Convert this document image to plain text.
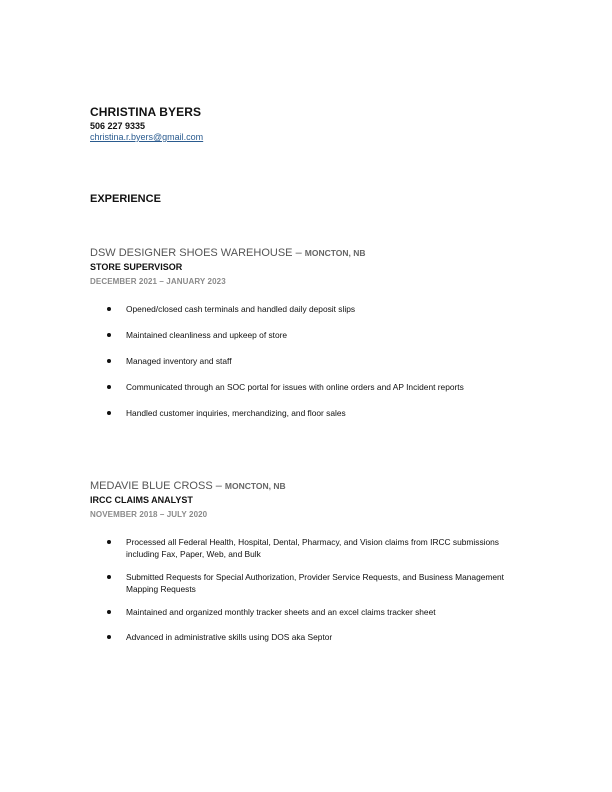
CHRISTINA BYERS
506 227 9335
christina.r.byers@gmail.com
EXPERIENCE
DSW DESIGNER SHOES WAREHOUSE – MONCTON, NB
STORE SUPERVISOR
DECEMBER 2021 – JANUARY 2023
Opened/closed cash terminals and handled daily deposit slips
Maintained cleanliness and upkeep of store
Managed inventory and staff
Communicated through an SOC portal for issues with online orders and AP Incident reports
Handled customer inquiries, merchandizing, and floor sales
MEDAVIE BLUE CROSS – MONCTON, NB
IRCC CLAIMS ANALYST
NOVEMBER 2018 – JULY 2020
Processed all Federal Health, Hospital, Dental, Pharmacy, and Vision claims from IRCC submissions including Fax, Paper, Web, and Bulk
Submitted Requests for Special Authorization, Provider Service Requests, and Business Management Mapping Requests
Maintained and organized monthly tracker sheets and an excel claims tracker sheet
Advanced in administrative skills using DOS aka Septor
